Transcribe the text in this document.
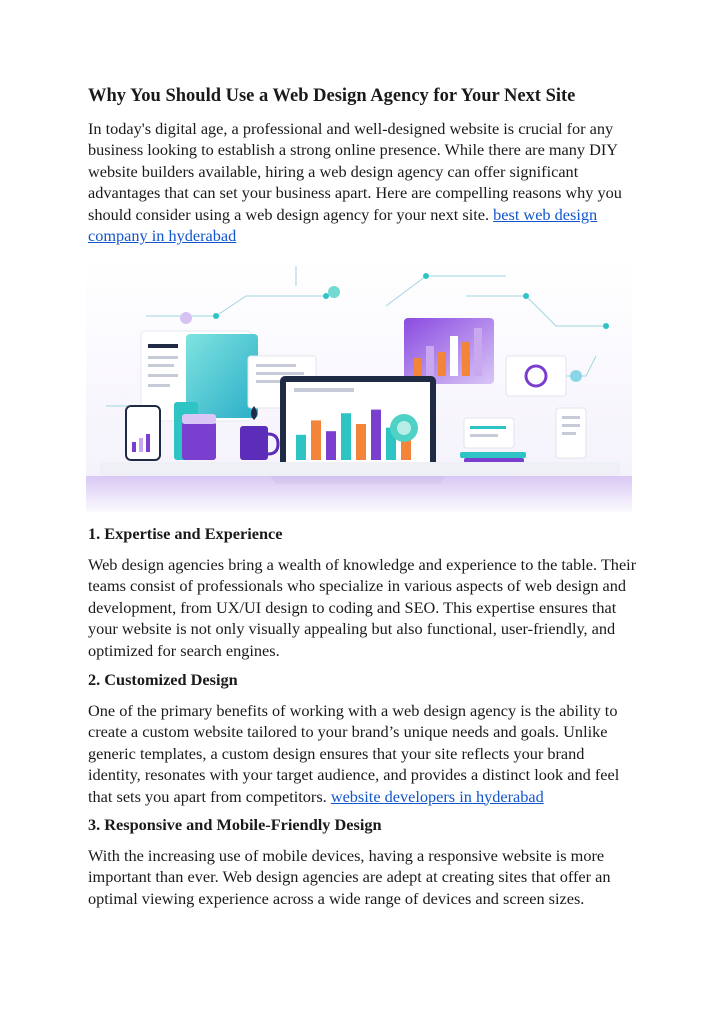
Why You Should Use a Web Design Agency for Your Next Site

In today's digital age, a professional and well-designed website is crucial for any business looking to establish a strong online presence. While there are many DIY website builders available, hiring a web design agency can offer significant advantages that can set your business apart. Here are compelling reasons why you should consider using a web design agency for your next site. best web design company in hyderabad

1. Expertise and Experience

Web design agencies bring a wealth of knowledge and experience to the table. Their teams consist of professionals who specialize in various aspects of web design and development, from UX/UI design to coding and SEO. This expertise ensures that your website is not only visually appealing but also functional, user-friendly, and optimized for search engines.

2. Customized Design

One of the primary benefits of working with a web design agency is the ability to create a custom website tailored to your brand’s unique needs and goals. Unlike generic templates, a custom design ensures that your site reflects your brand identity, resonates with your target audience, and provides a distinct look and feel that sets you apart from competitors. website developers in hyderabad

3. Responsive and Mobile-Friendly Design

With the increasing use of mobile devices, having a responsive website is more important than ever. Web design agencies are adept at creating sites that offer an optimal viewing experience across a wide range of devices and screen sizes.
